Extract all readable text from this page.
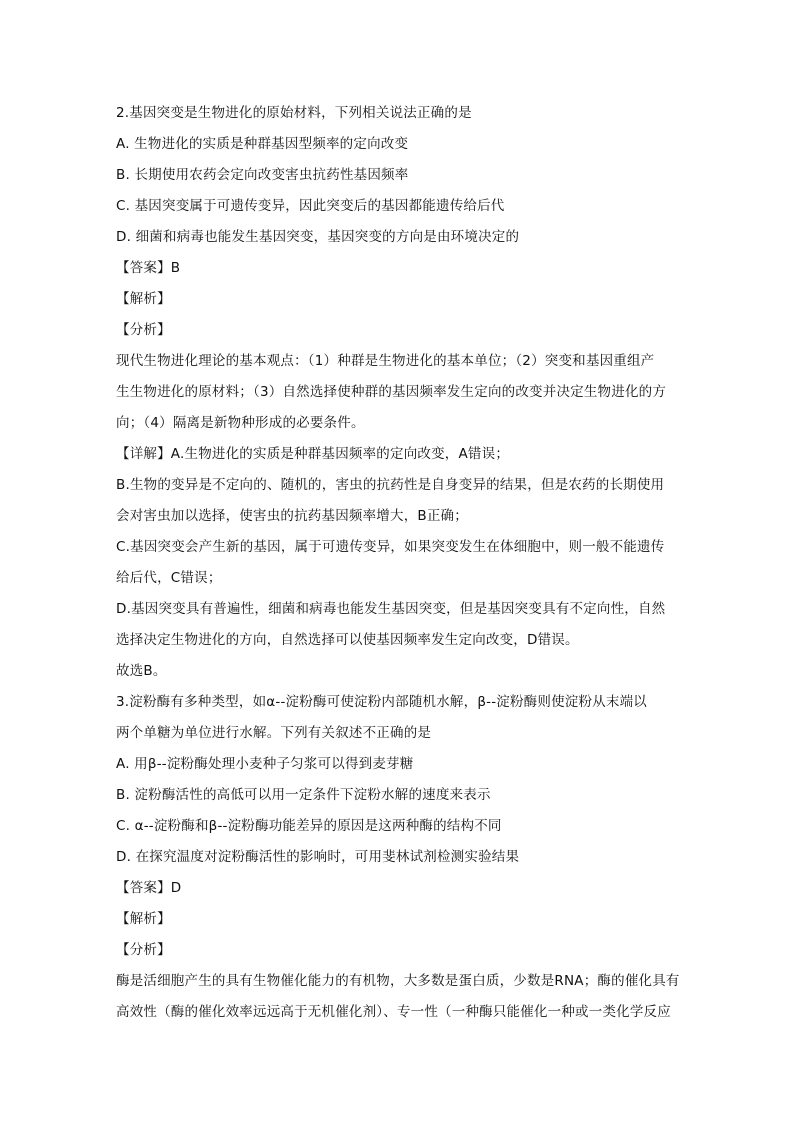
2.基因突变是生物进化的原始材料，下列相关说法正确的是
A. 生物进化的实质是种群基因型频率的定向改变
B. 长期使用农药会定向改变害虫抗药性基因频率
C. 基因突变属于可遗传变异，因此突变后的基因都能遗传给后代
D. 细菌和病毒也能发生基因突变，基因突变的方向是由环境决定的
【答案】B
【解析】
【分析】
现代生物进化理论的基本观点：（1）种群是生物进化的基本单位；（2）突变和基因重组产
生生物进化的原材料；（3）自然选择使种群的基因频率发生定向的改变并决定生物进化的方
向；（4）隔离是新物种形成的必要条件。
【详解】A.生物进化的实质是种群基因频率的定向改变，A错误；
B.生物的变异是不定向的、随机的，害虫的抗药性是自身变异的结果，但是农药的长期使用
会对害虫加以选择，使害虫的抗药基因频率增大，B正确；
C.基因突变会产生新的基因，属于可遗传变异，如果突变发生在体细胞中，则一般不能遗传
给后代，C错误；
D.基因突变具有普遍性，细菌和病毒也能发生基因突变，但是基因突变具有不定向性，自然
选择决定生物进化的方向，自然选择可以使基因频率发生定向改变，D错误。
故选B。
3.淀粉酶有多种类型，如α--淀粉酶可使淀粉内部随机水解，β--淀粉酶则使淀粉从末端以
两个单糖为单位进行水解。下列有关叙述不正确的是
A. 用β--淀粉酶处理小麦种子匀浆可以得到麦芽糖
B. 淀粉酶活性的高低可以用一定条件下淀粉水解的速度来表示
C. α--淀粉酶和β--淀粉酶功能差异的原因是这两种酶的结构不同
D. 在探究温度对淀粉酶活性的影响时，可用斐林试剂检测实验结果
【答案】D
【解析】
【分析】
酶是活细胞产生的具有生物催化能力的有机物，大多数是蛋白质，少数是RNA；酶的催化具有
高效性（酶的催化效率远远高于无机催化剂）、专一性（一种酶只能催化一种或一类化学反应
